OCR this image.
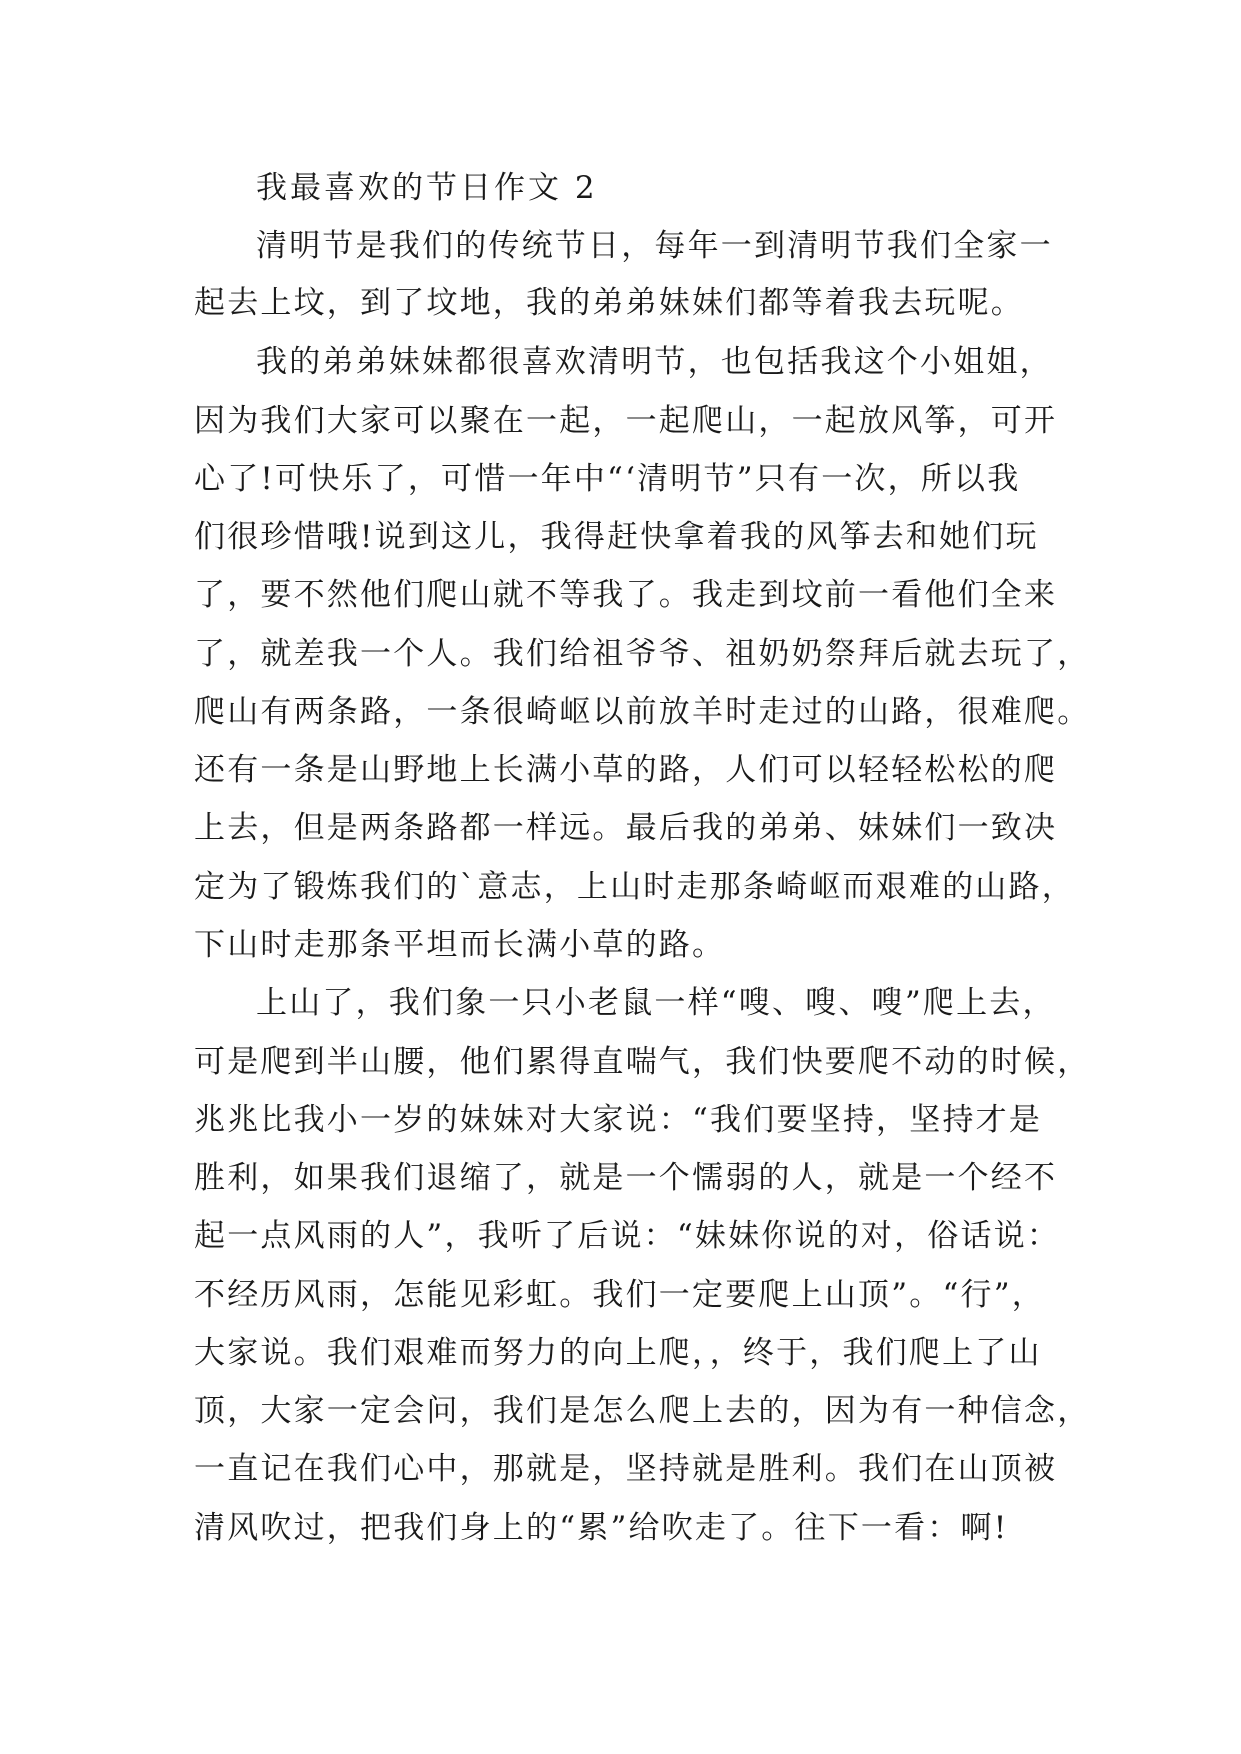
我最喜欢的节日作文 2
清明节是我们的传统节日，每年一到清明节我们全家一
起去上坟，到了坟地，我的弟弟妹妹们都等着我去玩呢。
我的弟弟妹妹都很喜欢清明节，也包括我这个小姐姐，
因为我们大家可以聚在一起，一起爬山，一起放风筝，可开
心了!可快乐了，可惜一年中“‘清明节”只有一次，所以我
们很珍惜哦!说到这儿，我得赶快拿着我的风筝去和她们玩
了，要不然他们爬山就不等我了。我走到坟前一看他们全来
了，就差我一个人。我们给祖爷爷、祖奶奶祭拜后就去玩了，
爬山有两条路，一条很崎岖以前放羊时走过的山路，很难爬。
还有一条是山野地上长满小草的路，人们可以轻轻松松的爬
上去，但是两条路都一样远。最后我的弟弟、妹妹们一致决
定为了锻炼我们的`意志，上山时走那条崎岖而艰难的山路，
下山时走那条平坦而长满小草的路。
上山了，我们象一只小老鼠一样“嗖、嗖、嗖”爬上去，
可是爬到半山腰，他们累得直喘气，我们快要爬不动的时候，
兆兆比我小一岁的妹妹对大家说：“我们要坚持，坚持才是
胜利，如果我们退缩了，就是一个懦弱的人，就是一个经不
起一点风雨的人”，我听了后说：“妹妹你说的对，俗话说：
不经历风雨，怎能见彩虹。我们一定要爬上山顶”。“行”，
大家说。我们艰难而努力的向上爬，，终于，我们爬上了山
顶，大家一定会问，我们是怎么爬上去的，因为有一种信念，
一直记在我们心中，那就是，坚持就是胜利。我们在山顶被
清风吹过，把我们身上的“累”给吹走了。往下一看：啊!
